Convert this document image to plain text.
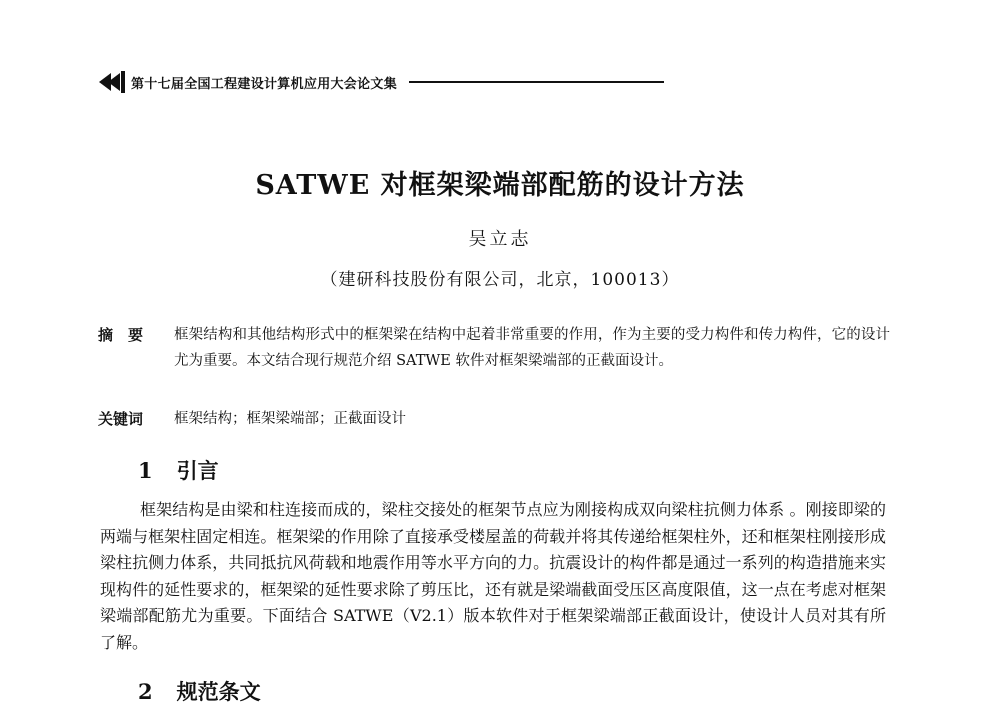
第十七届全国工程建设计算机应用大会论文集
SATWE 对框架梁端部配筋的设计方法
吴立志
（建研科技股份有限公司，北京，100013）
摘要	框架结构和其他结构形式中的框架梁在结构中起着非常重要的作用，作为主要的受力构件和传力构件，它的设计尤为重要。本文结合现行规范介绍 SATWE 软件对框架梁端部的正截面设计。
关键词	框架结构；框架梁端部；正截面设计
1 引言
框架结构是由梁和柱连接而成的，梁柱交接处的框架节点应为刚接构成双向梁柱抗侧力体系 。刚接即梁的两端与框架柱固定相连。框架梁的作用除了直接承受楼屋盖的荷载并将其传递给框架柱外，还和框架柱刚接形成梁柱抗侧力体系，共同抵抗风荷载和地震作用等水平方向的力。抗震设计的构件都是通过一系列的构造措施来实现构件的延性要求的，框架梁的延性要求除了剪压比，还有就是梁端截面受压区高度限值，这一点在考虑对框架梁端部配筋尤为重要。下面结合 SATWE（V2.1）版本软件对于框架梁端部正截面设计，使设计人员对其有所了解。
2 规范条文
